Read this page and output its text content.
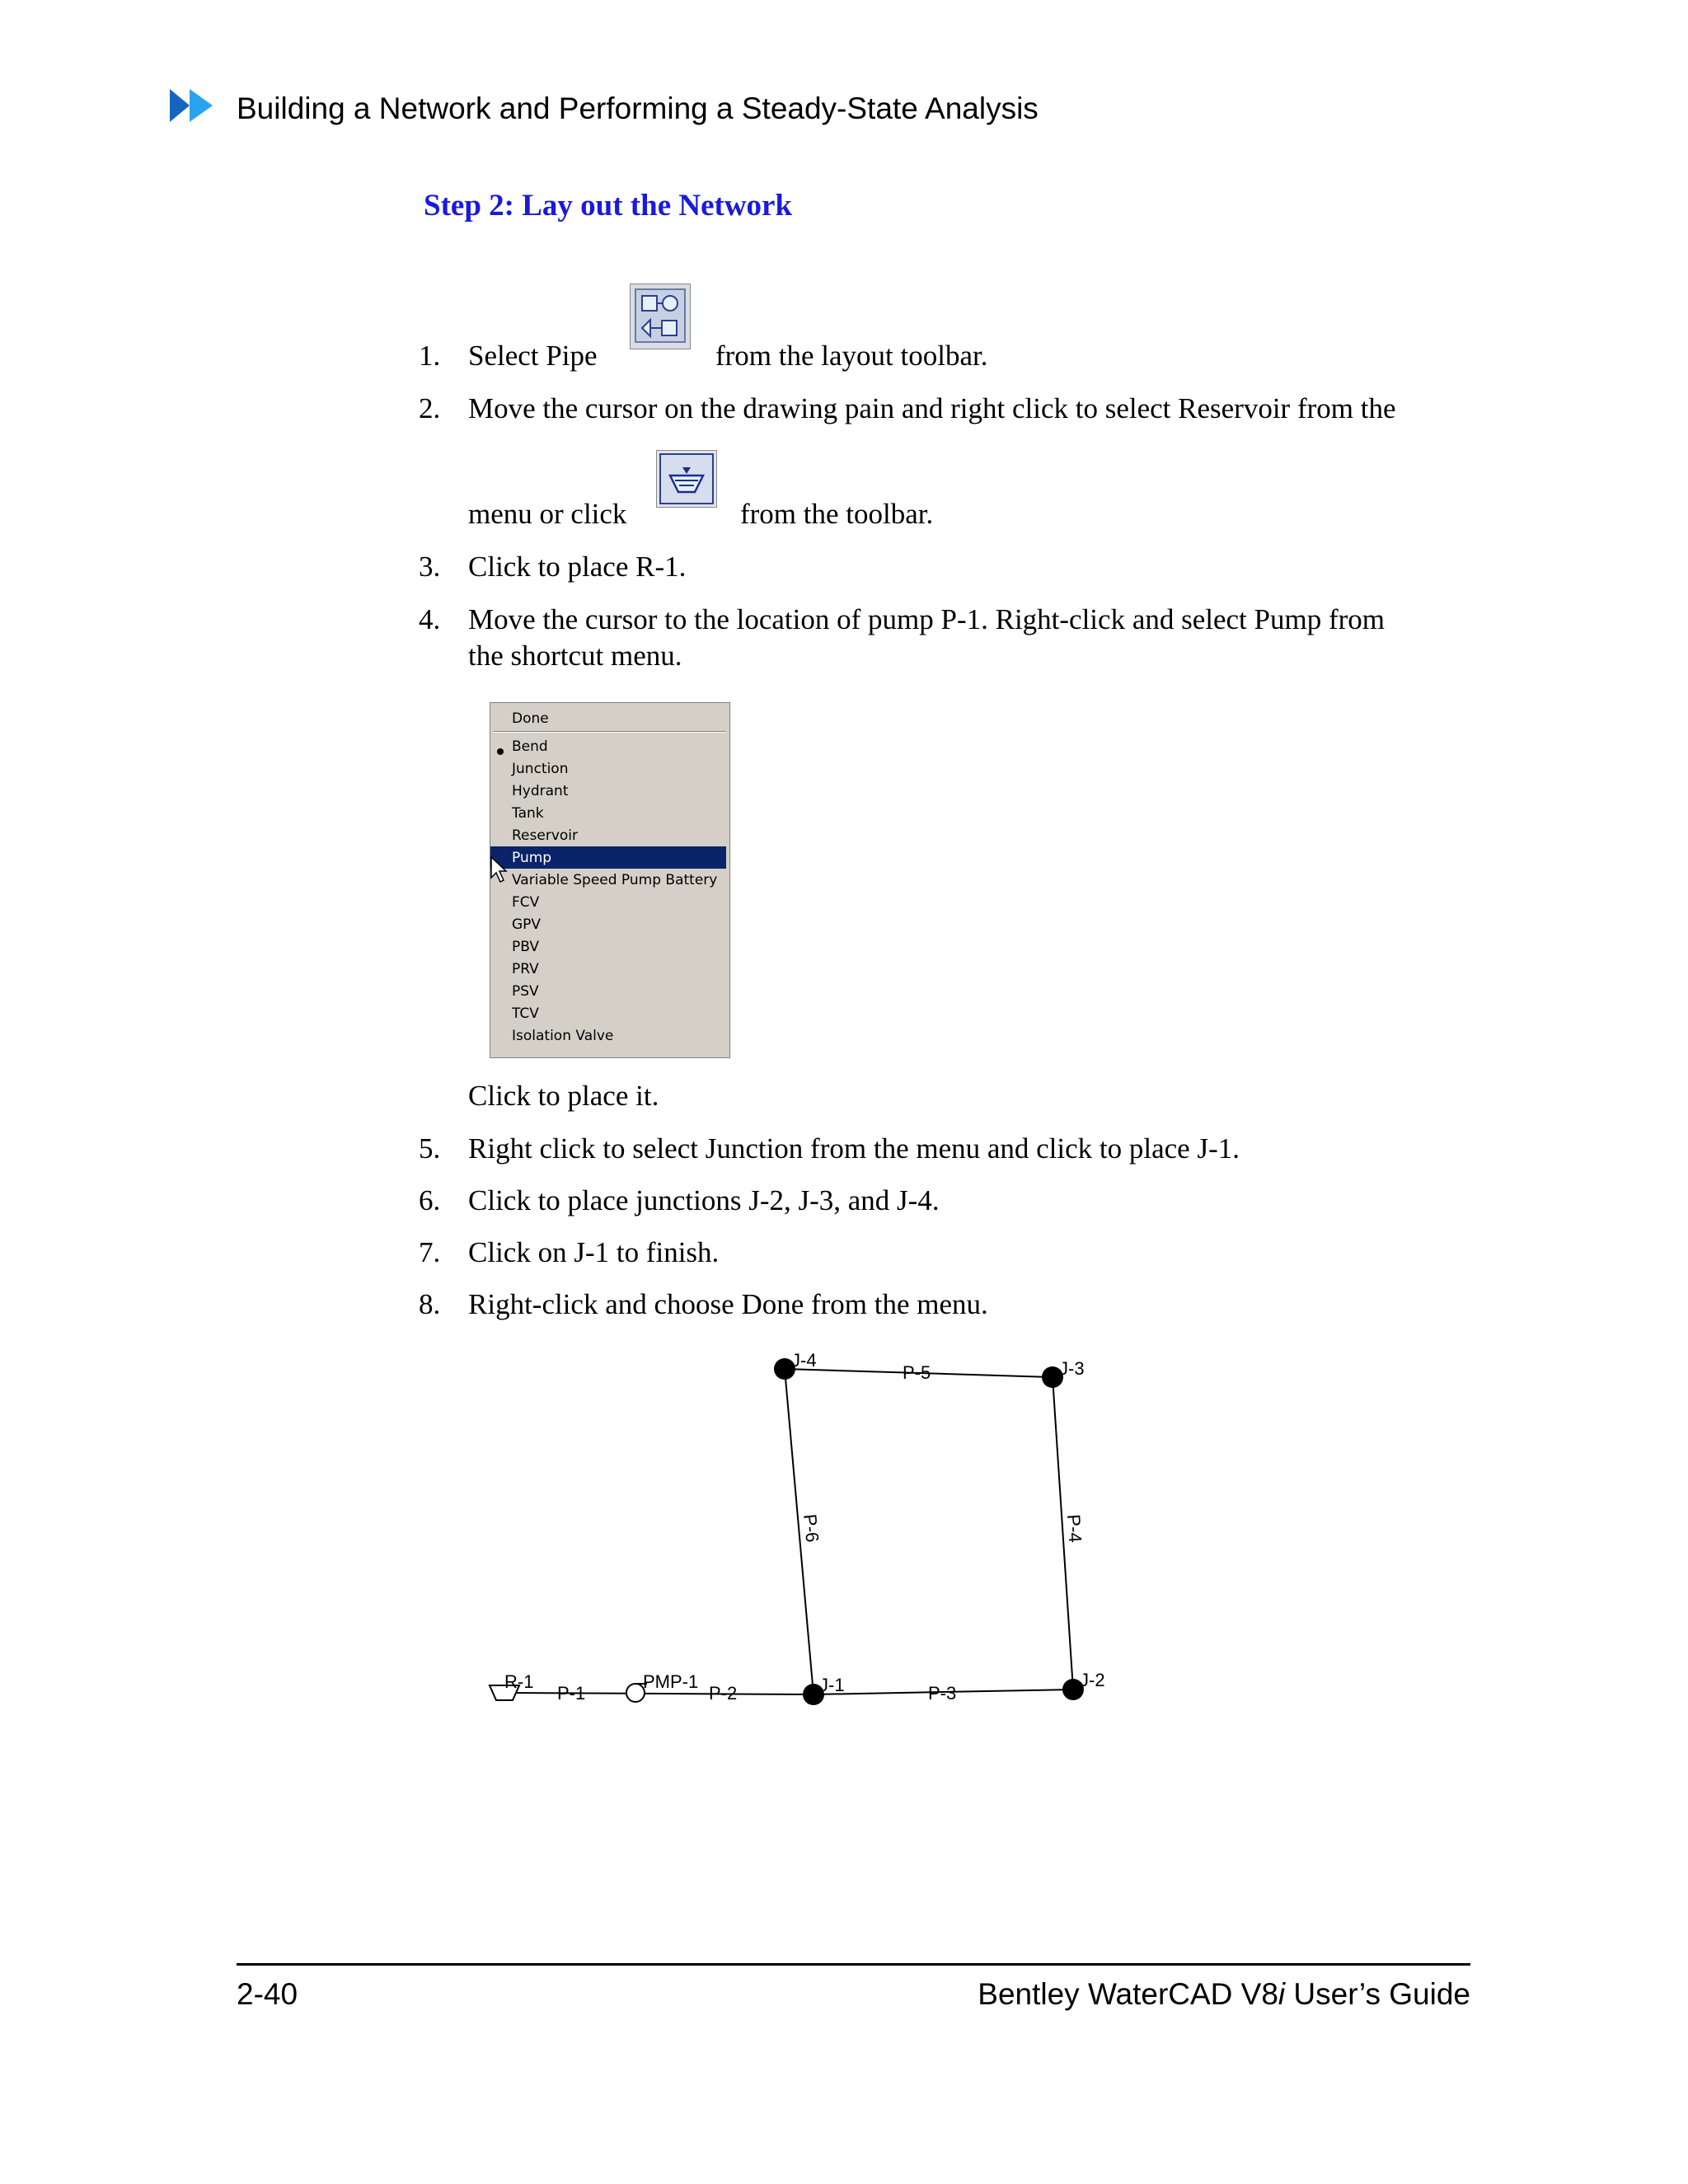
Building a Network and Performing a Steady-State Analysis
Step 2: Lay out the Network
1. Select Pipe	from the layout toolbar.
2. Move the cursor on the drawing pain and right click to select Reservoir from the
menu or click	from the toolbar.
3. Click to place R-1.
4. Move the cursor to the location of pump P-1. Right-click and select Pump from
the shortcut menu.
Done
Bend
Junction
Hydrant
Tank
Reservoir
Pump
Variable Speed Pump Battery
FCV
GPV
PBV
PRV
PSV
TCV
Isolation Valve
Click to place it.
5. Right click to select Junction from the menu and click to place J-1.
6. Click to place junctions J-2, J-3, and J-4.
7. Click on J-1 to finish.
8. Right-click and choose Done from the menu.
J-4	J-3
J-1	J-2
R-1	PMP-1
P-5
P-6	P-4
P-3
P-1	P-2
2-40	Bentley WaterCAD V8i User’s Guide
